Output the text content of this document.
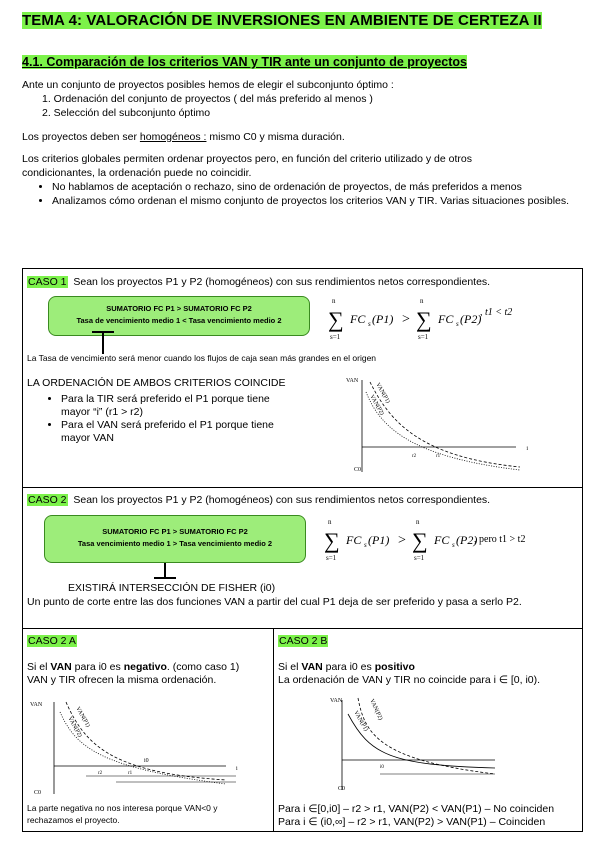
TEMA 4: VALORACIÓN DE INVERSIONES EN AMBIENTE DE CERTEZA II
4.1. Comparación de los criterios VAN y TIR ante un conjunto de proyectos
Ante un conjunto de proyectos posibles hemos de elegir el subconjunto óptimo :
1. Ordenación del conjunto de proyectos ( del más preferido al menos )
2. Selección del subconjunto óptimo
Los proyectos deben ser homogéneos : mismo C0 y misma duración.
Los criterios globales permiten ordenar proyectos pero, en función del criterio utilizado y de otros
condicionantes, la ordenación puede no coincidir.
• No hablamos de aceptación o rechazo, sino de ordenación de proyectos, de más preferidos a menos
• Analizamos cómo ordenan el mismo conjunto de proyectos los criterios VAN y TIR. Varias situaciones posibles.
CASO 1 Sean los proyectos P1 y P2 (homogéneos) con sus rendimientos netos correspondientes.
SUMATORIO FC P1 > SUMATORIO FC P2
Tasa de vencimiento medio 1 < Tasa vencimiento medio 2	∑
n
s=1
FC s (P1) > ∑
n
s=1
FC s (P2)
, t1 < t2
La Tasa de vencimiento será menor cuando los flujos de caja sean más grandes en el origen
LA ORDENACIÓN DE AMBOS CRITERIOS COINCIDE
• Para la TIR será preferido el P1 porque tiene mayor “i” (r1 > r2)
• Para el VAN será preferido el P1 porque tiene mayor VAN
VAN
i
C0
VAN(P1)
VAN(P2)
r2	r1
CASO 2 Sean los proyectos P1 y P2 (homogéneos) con sus rendimientos netos correspondientes.
SUMATORIO FC P1 > SUMATORIO FC P2
Tasa vencimiento medio 1 > Tasa vencimiento medio 2	∑
n
s=1
FC s (P1) > ∑
n
s=1
FC s (P2)
, pero t1 > t2
EXISTIRÁ INTERSECCIÓN DE FISHER (i0)
Un punto de corte entre las dos funciones VAN a partir del cual P1 deja de ser preferido y pasa a serlo P2.
CASO 2 A
Si el VAN para i0 es negativo. (como caso 1)
VAN y TIR ofrecen la misma ordenación.
VAN
i
C0
VAN(P1)
VAN(P2)
i0
r2	r1
La parte negativa no nos interesa porque VAN<0 y
rechazamos el proyecto.
CASO 2 B
Si el VAN para i0 es positivo
La ordenación de VAN y TIR no coincide para i ∈ [0, i0).
VAN
C0
VAN(P2)
VAN(P1)
i0
Para i ∈[0,i0] – r2 > r1, VAN(P2) < VAN(P1) – No coinciden
Para i ∈ (i0,∞] – r2 > r1, VAN(P2) > VAN(P1) – Coinciden
